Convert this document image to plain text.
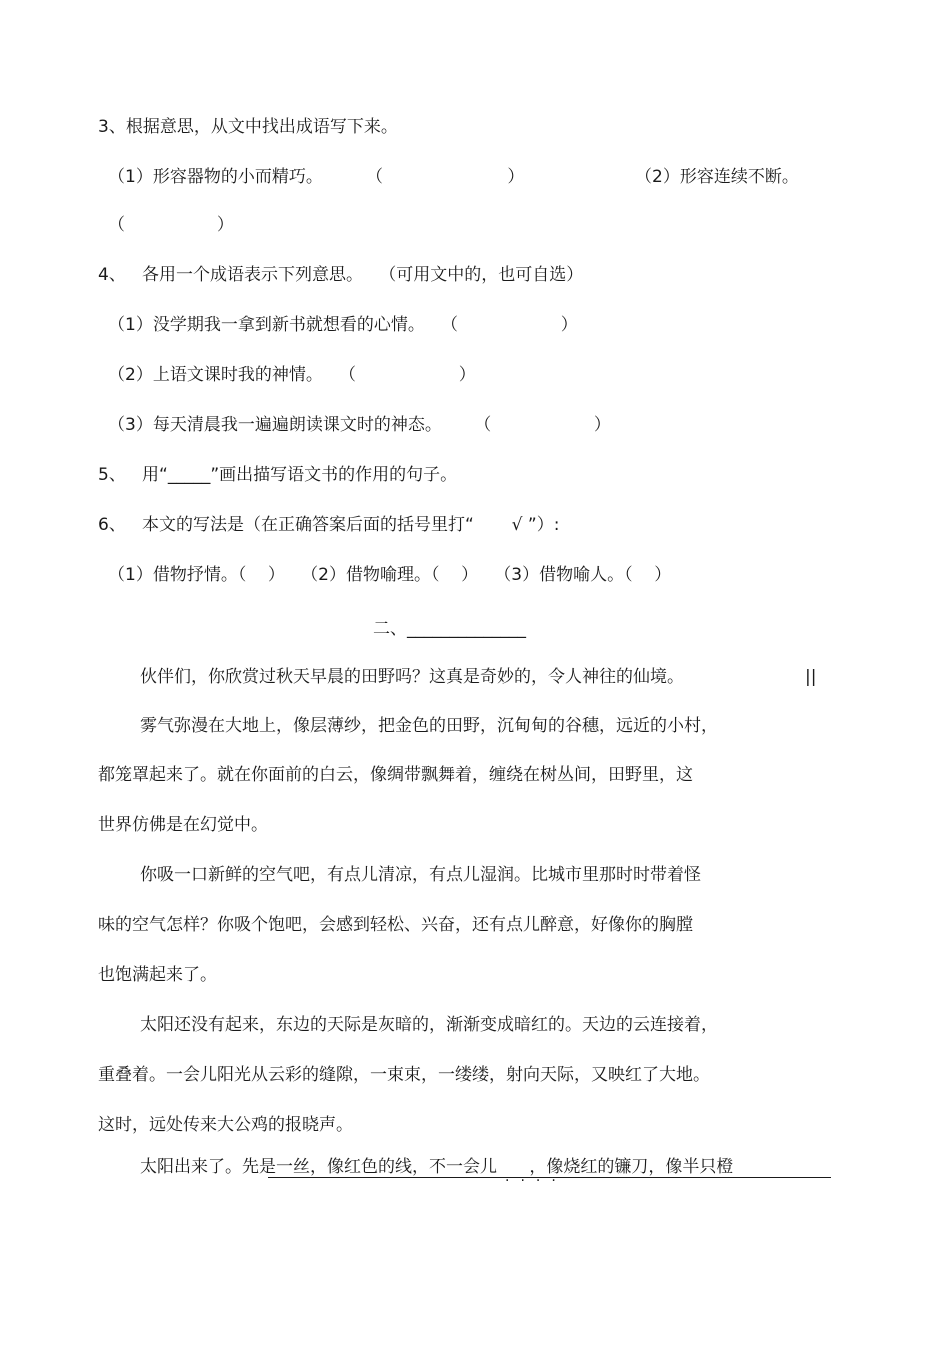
3、根据意思，从文中找出成语写下来。
（1）形容器物的小而精巧。        （                       ）	（2）形容连续不断。
（                 ）
4、   各用一个成语表示下列意思。   （可用文中的，也可自选）
（1）没学期我一拿到新书就想看的心情。   （                   ）
（2）上语文课时我的神情。   （                   ）
（3）每天清晨我一遍遍朗读课文时的神态。      （                   ）
5、   用“_____”画出描写语文书的作用的句子。
6、   本文的写法是（在正确答案后面的括号里打“       √ ”）:
（1）借物抒情。（    ）   （2）借物喻理。（    ）   （3）借物喻人。（    ）
二、______________
伙伴们，你欣赏过秋天早晨的田野吗？这真是奇妙的，令人神往的仙境。	||
雾气弥漫在大地上，像层薄纱，把金色的田野，沉甸甸的谷穗，远近的小村，
都笼罩起来了。就在你面前的白云，像绸带飘舞着，缠绕在树丛间，田野里，这
世界仿佛是在幻觉中。
你吸一口新鲜的空气吧，有点儿清凉，有点儿湿润。比城市里那时时带着怪
味的空气怎样？你吸个饱吧，会感到轻松、兴奋，还有点儿醉意，好像你的胸膛
也饱满起来了。
太阳还没有起来，东边的天际是灰暗的，渐渐变成暗红的。天边的云连接着，
重叠着。一会儿阳光从云彩的缝隙，一束束，一缕缕，射向天际，又映红了大地。
这时，远处传来大公鸡的报晓声。
太阳出来了。先是一丝，像红色的线，不一会儿      ，像烧红的镰刀，像半只橙
····
